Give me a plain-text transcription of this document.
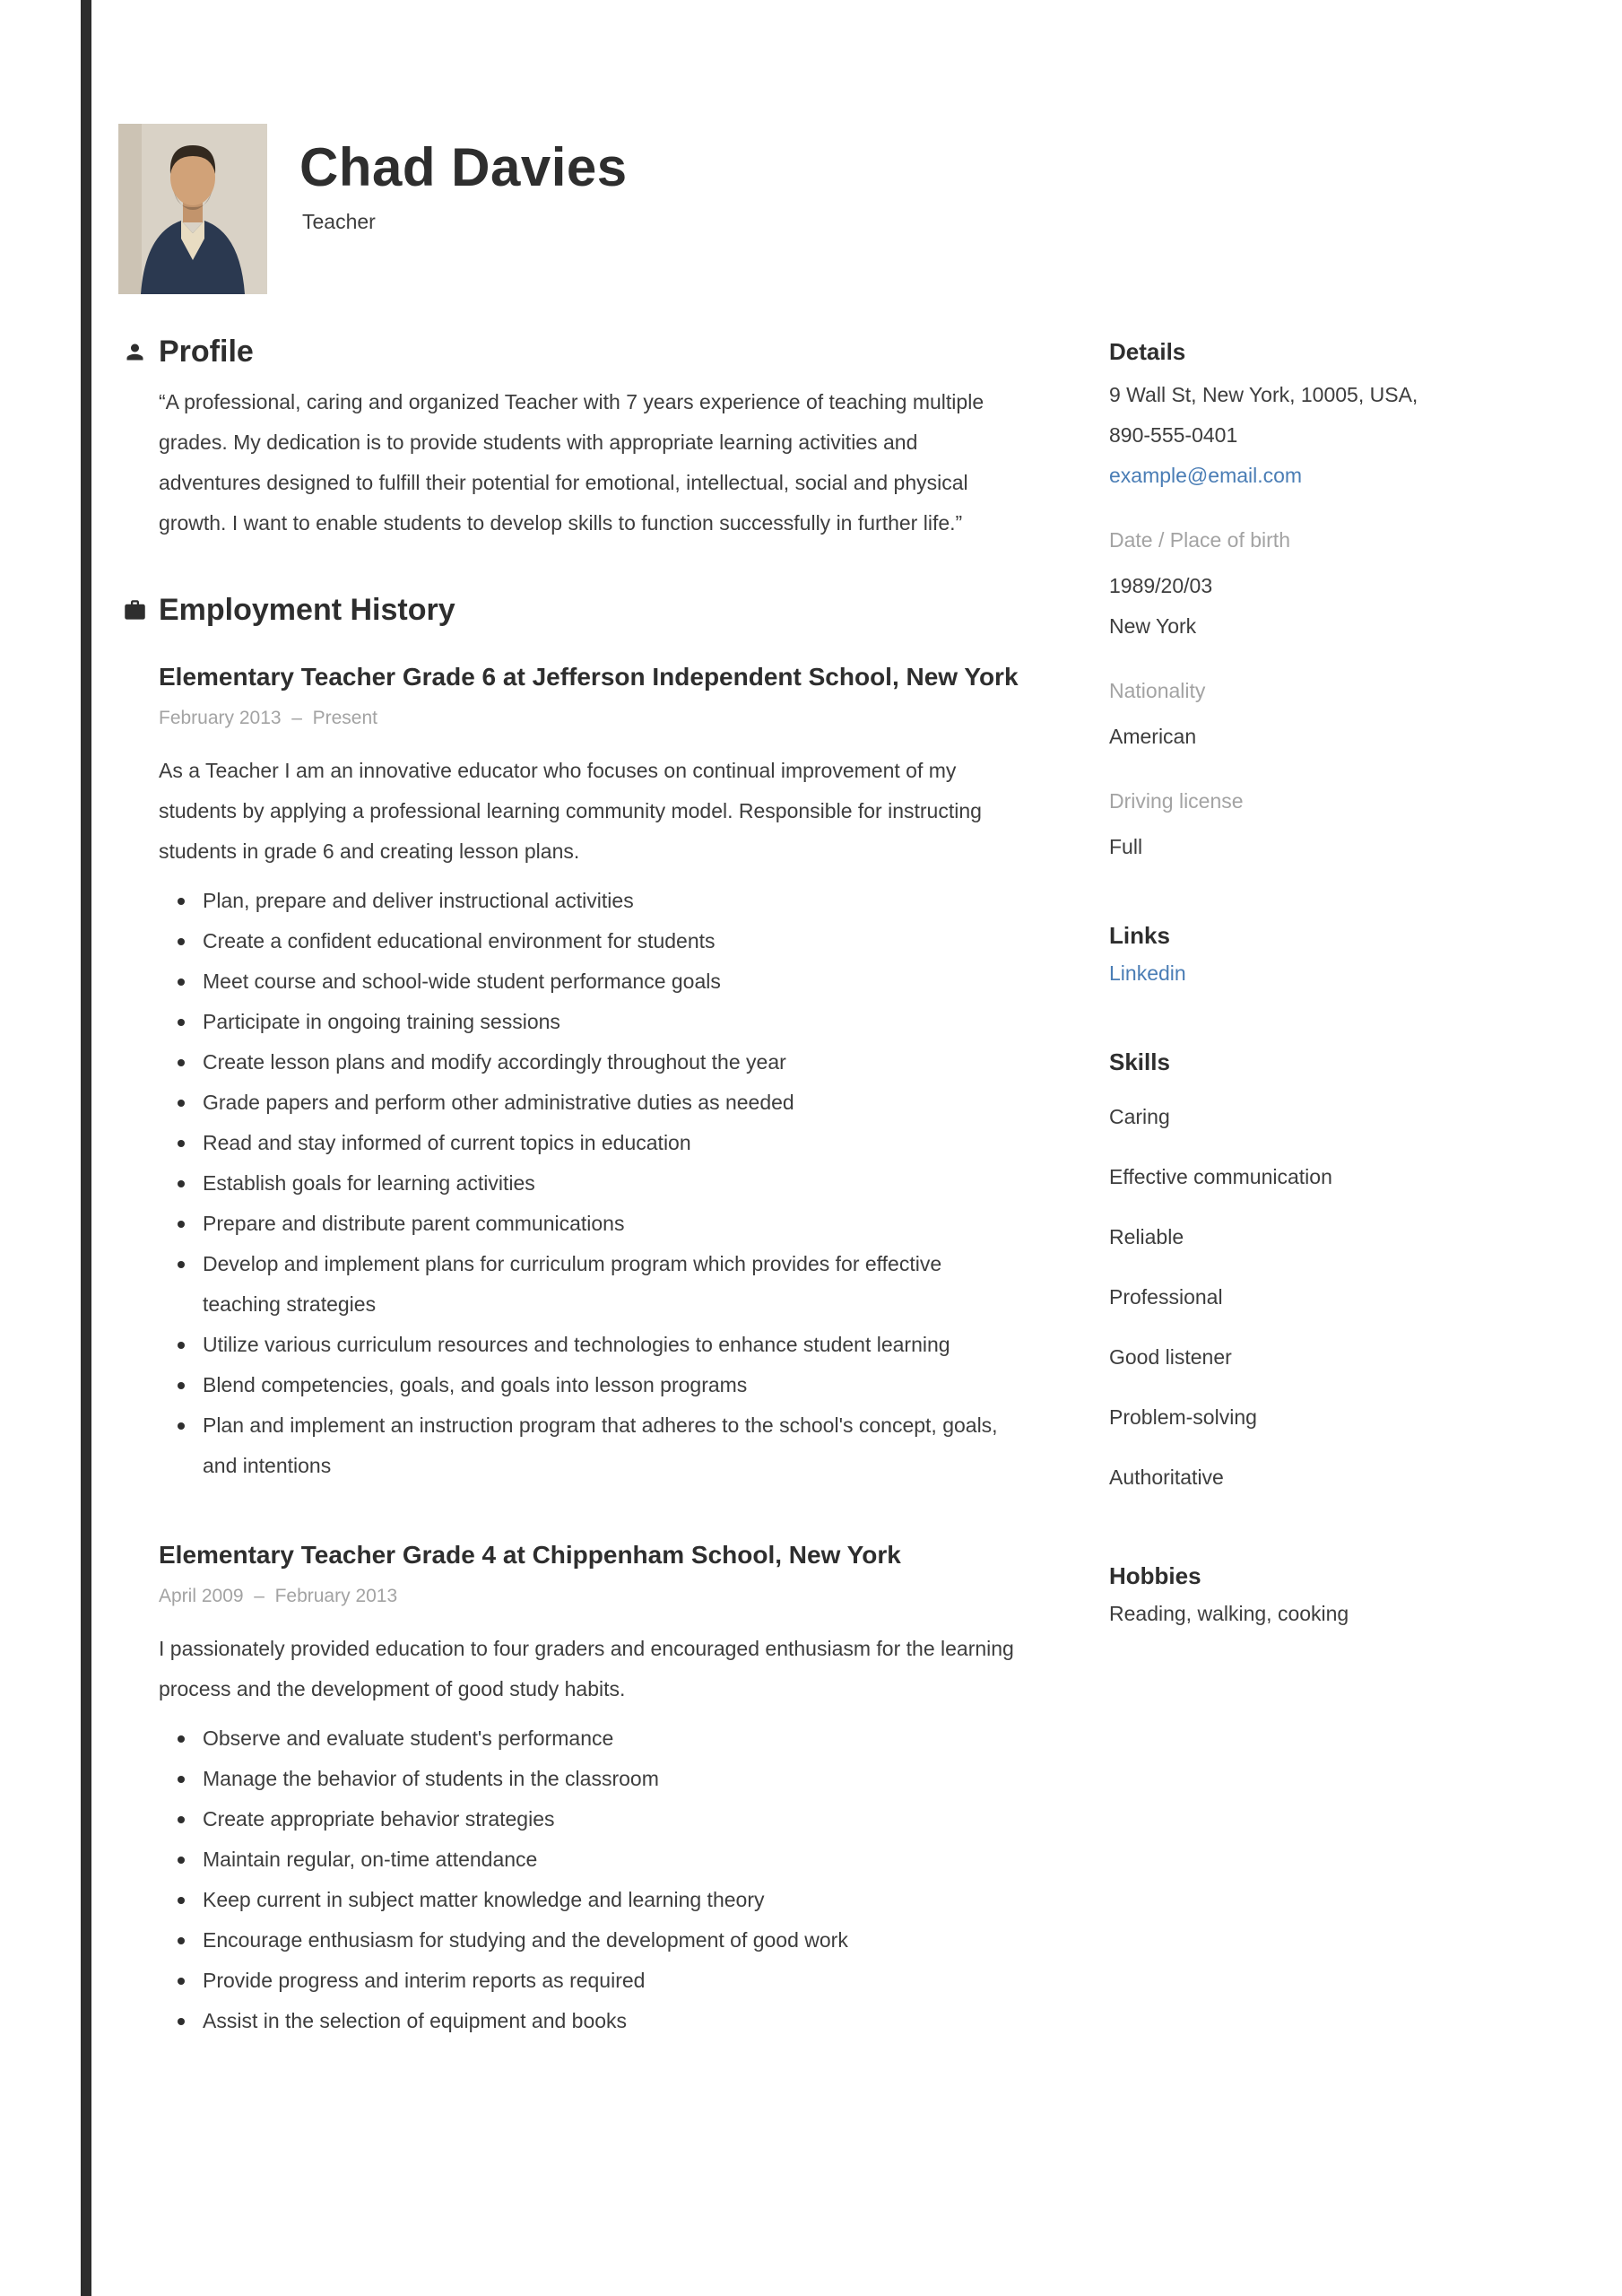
Chad Davies
Teacher
Profile

“A professional, caring and organized Teacher with 7 years experience of teaching multiple grades. My dedication is to provide students with appropriate learning activities and adventures designed to fulfill their potential for emotional, intellectual, social and physical growth. I want to enable students to develop skills to function successfully in further life.”

Employment History
Elementary Teacher Grade 6 at Jefferson Independent School, New York
February 2013  –  Present

As a Teacher I am an innovative educator who focuses on continual improvement of my students by applying a professional learning community model. Responsible for instructing students in grade 6 and creating lesson plans.

Plan, prepare and deliver instructional activities
Create a confident educational environment for students
Meet course and school-wide student performance goals
Participate in ongoing training sessions
Create lesson plans and modify accordingly throughout the year
Grade papers and perform other administrative duties as needed
Read and stay informed of current topics in education
Establish goals for learning activities
Prepare and distribute parent communications
Develop and implement plans for curriculum program which provides for effective teaching strategies
Utilize various curriculum resources and technologies to enhance student learning
Blend competencies, goals, and goals into lesson programs
Plan and implement an instruction program that adheres to the school's concept, goals, and intentions
Elementary Teacher Grade 4 at Chippenham School, New York
April 2009  –  February 2013

I passionately provided education to four graders and encouraged enthusiasm for the learning process and the development of good study habits.

Observe and evaluate student's performance
Manage the behavior of students in the classroom
Create appropriate behavior strategies
Maintain regular, on-time attendance
Keep current in subject matter knowledge and learning theory
Encourage enthusiasm for studying and the development of good work
Provide progress and interim reports as required
Assist in the selection of equipment and books
Details
9 Wall St, New York, 10005, USA,
890-555-0401
example@email.com
Date / Place of birth
1989/20/03
New York
Nationality
American
Driving license
Full
Links
Linkedin
Skills
Caring
Effective communication
Reliable
Professional
Good listener
Problem-solving
Authoritative
Hobbies
Reading, walking, cooking
